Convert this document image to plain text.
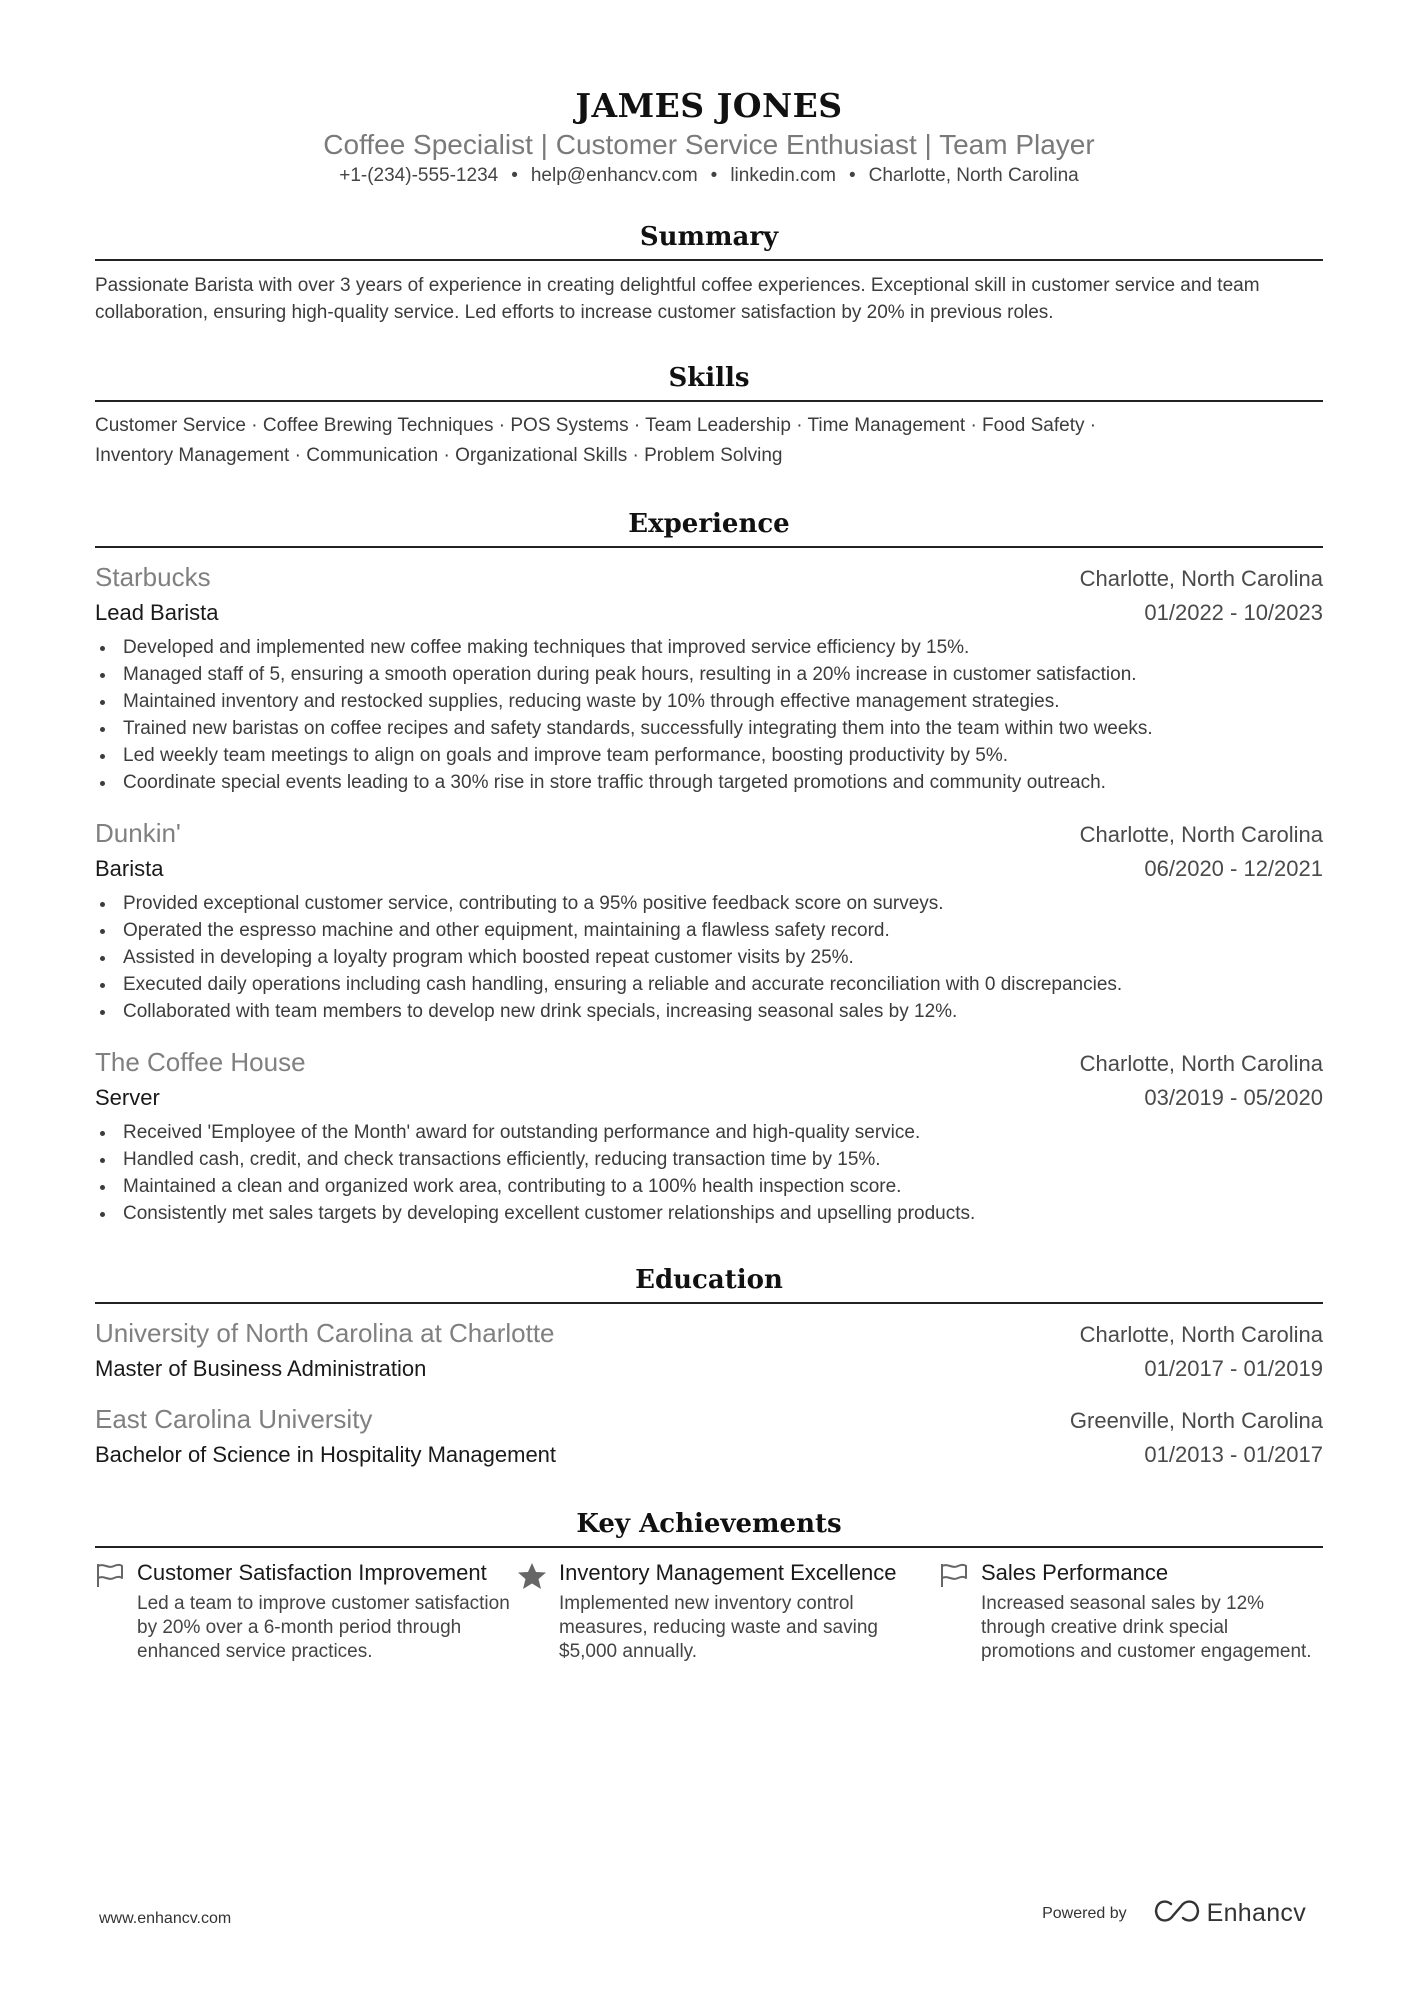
JAMES JONES
Coffee Specialist | Customer Service Enthusiast | Team Player
+1-(234)-555-1234 • help@enhancv.com • linkedin.com • Charlotte, North Carolina
Summary
Passionate Barista with over 3 years of experience in creating delightful coffee experiences. Exceptional skill in customer service and team collaboration, ensuring high-quality service. Led efforts to increase customer satisfaction by 20% in previous roles.
Skills
Customer Service · Coffee Brewing Techniques · POS Systems · Team Leadership · Time Management · Food Safety ·
Inventory Management · Communication · Organizational Skills · Problem Solving
Experience
Starbucks	Charlotte, North Carolina
Lead Barista	01/2022 - 10/2023
Developed and implemented new coffee making techniques that improved service efficiency by 15%.
Managed staff of 5, ensuring a smooth operation during peak hours, resulting in a 20% increase in customer satisfaction.
Maintained inventory and restocked supplies, reducing waste by 10% through effective management strategies.
Trained new baristas on coffee recipes and safety standards, successfully integrating them into the team within two weeks.
Led weekly team meetings to align on goals and improve team performance, boosting productivity by 5%.
Coordinate special events leading to a 30% rise in store traffic through targeted promotions and community outreach.
Dunkin'	Charlotte, North Carolina
Barista	06/2020 - 12/2021
Provided exceptional customer service, contributing to a 95% positive feedback score on surveys.
Operated the espresso machine and other equipment, maintaining a flawless safety record.
Assisted in developing a loyalty program which boosted repeat customer visits by 25%.
Executed daily operations including cash handling, ensuring a reliable and accurate reconciliation with 0 discrepancies.
Collaborated with team members to develop new drink specials, increasing seasonal sales by 12%.
The Coffee House	Charlotte, North Carolina
Server	03/2019 - 05/2020
Received 'Employee of the Month' award for outstanding performance and high-quality service.
Handled cash, credit, and check transactions efficiently, reducing transaction time by 15%.
Maintained a clean and organized work area, contributing to a 100% health inspection score.
Consistently met sales targets by developing excellent customer relationships and upselling products.
Education
University of North Carolina at Charlotte	Charlotte, North Carolina
Master of Business Administration	01/2017 - 01/2019
East Carolina University	Greenville, North Carolina
Bachelor of Science in Hospitality Management	01/2013 - 01/2017
Key Achievements
Customer Satisfaction Improvement
Led a team to improve customer satisfaction by 20% over a 6-month period through enhanced service practices.
Inventory Management Excellence
Implemented new inventory control measures, reducing waste and saving $5,000 annually.
Sales Performance
Increased seasonal sales by 12% through creative drink special promotions and customer engagement.
www.enhancv.com	Powered by	Enhancv
